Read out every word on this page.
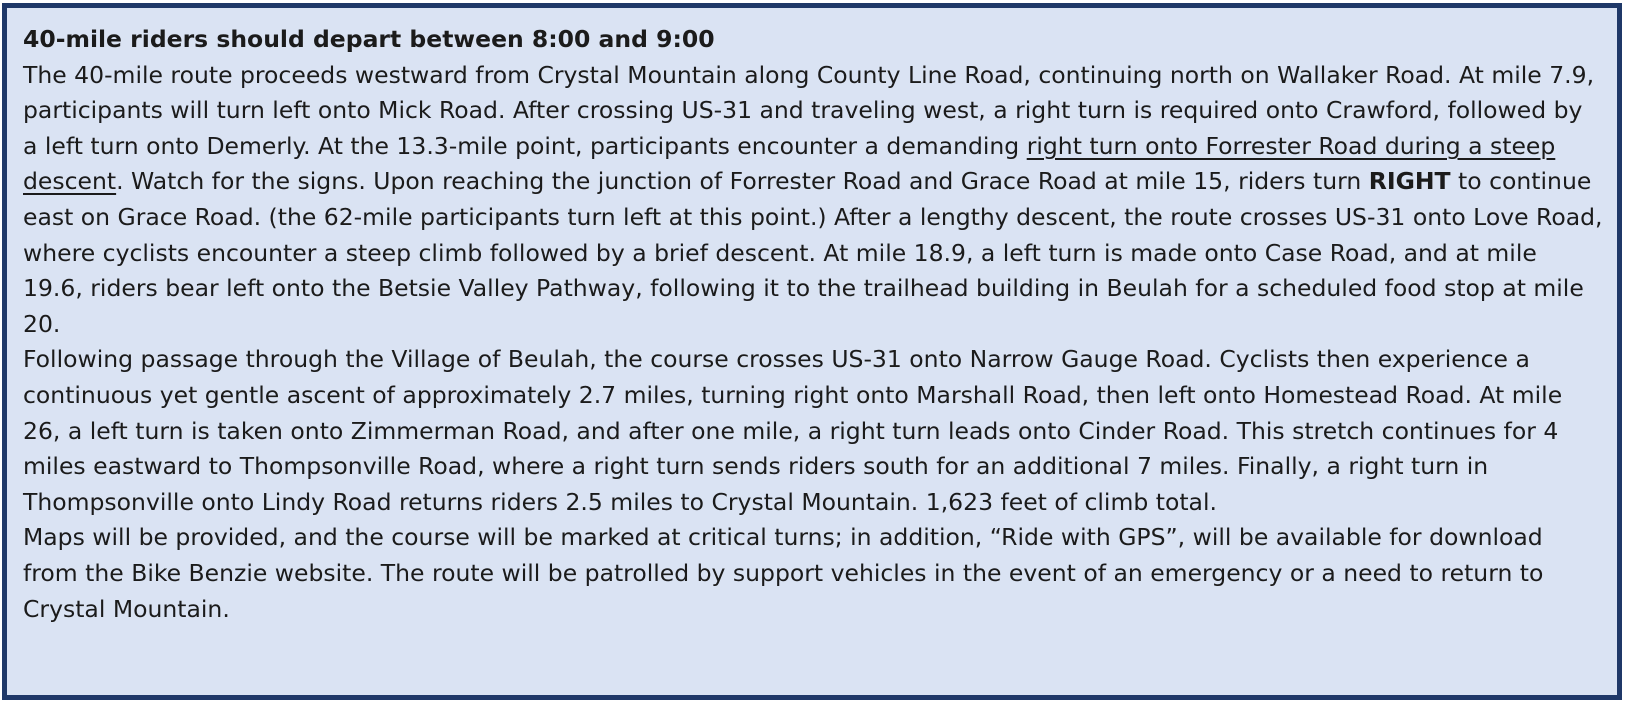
40-mile riders should depart between 8:00 and 9:00

The 40-mile route proceeds westward from Crystal Mountain along County Line Road, continuing north on Wallaker Road. At mile 7.9, participants will turn left onto Mick Road. After crossing US-31 and traveling west, a right turn is required onto Crawford, followed by a left turn onto Demerly. At the 13.3-mile point, participants encounter a demanding right turn onto Forrester Road during a steep descent. Watch for the signs. Upon reaching the junction of Forrester Road and Grace Road at mile 15, riders turn RIGHT to continue east on Grace Road. (the 62-mile participants turn left at this point.) After a lengthy descent, the route crosses US-31 onto Love Road, where cyclists encounter a steep climb followed by a brief descent. At mile 18.9, a left turn is made onto Case Road, and at mile 19.6, riders bear left onto the Betsie Valley Pathway, following it to the trailhead building in Beulah for a scheduled food stop at mile 20.

Following passage through the Village of Beulah, the course crosses US-31 onto Narrow Gauge Road. Cyclists then experience a continuous yet gentle ascent of approximately 2.7 miles, turning right onto Marshall Road, then left onto Homestead Road. At mile 26, a left turn is taken onto Zimmerman Road, and after one mile, a right turn leads onto Cinder Road. This stretch continues for 4 miles eastward to Thompsonville Road, where a right turn sends riders south for an additional 7 miles. Finally, a right turn in Thompsonville onto Lindy Road returns riders 2.5 miles to Crystal Mountain. 1,623 feet of climb total.

Maps will be provided, and the course will be marked at critical turns; in addition, “Ride with GPS”, will be available for download from the Bike Benzie website. The route will be patrolled by support vehicles in the event of an emergency or a need to return to Crystal Mountain.
